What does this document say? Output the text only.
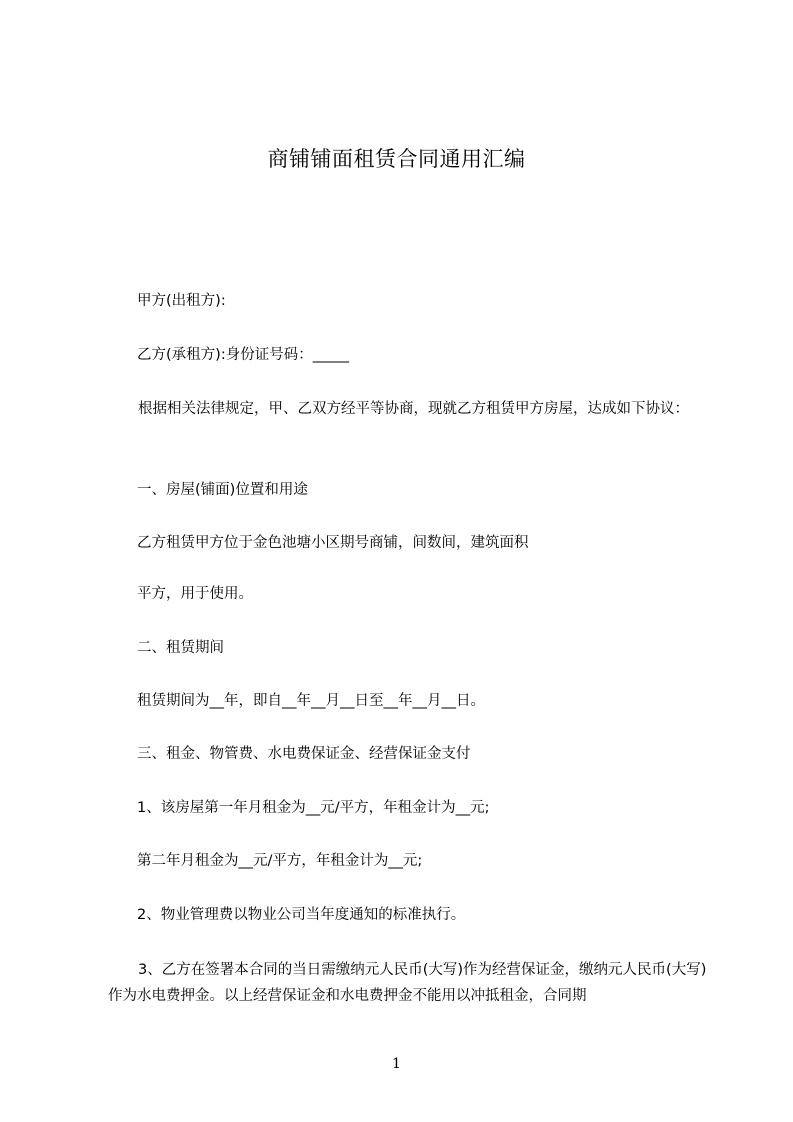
商铺铺面租赁合同通用汇编
甲方(出租方):
乙方(承租方):身份证号码：_____
根据相关法律规定，甲、乙双方经平等协商，现就乙方租赁甲方房屋，达成如下协议：
一、房屋(铺面)位置和用途
乙方租赁甲方位于金色池塘小区期号商铺，间数间，建筑面积
平方，用于使用。
二、租赁期间
租赁期间为__年，即自__年__月__日至__年__月__日。
三、租金、物管费、水电费保证金、经营保证金支付
1、该房屋第一年月租金为__元/平方，年租金计为__元;
第二年月租金为__元/平方，年租金计为__元;
2、物业管理费以物业公司当年度通知的标准执行。
3、乙方在签署本合同的当日需缴纳元人民币(大写)作为经营保证金，缴纳元人民币(大写)作为水电费押金。以上经营保证金和水电费押金不能用以冲抵租金，合同期
1
